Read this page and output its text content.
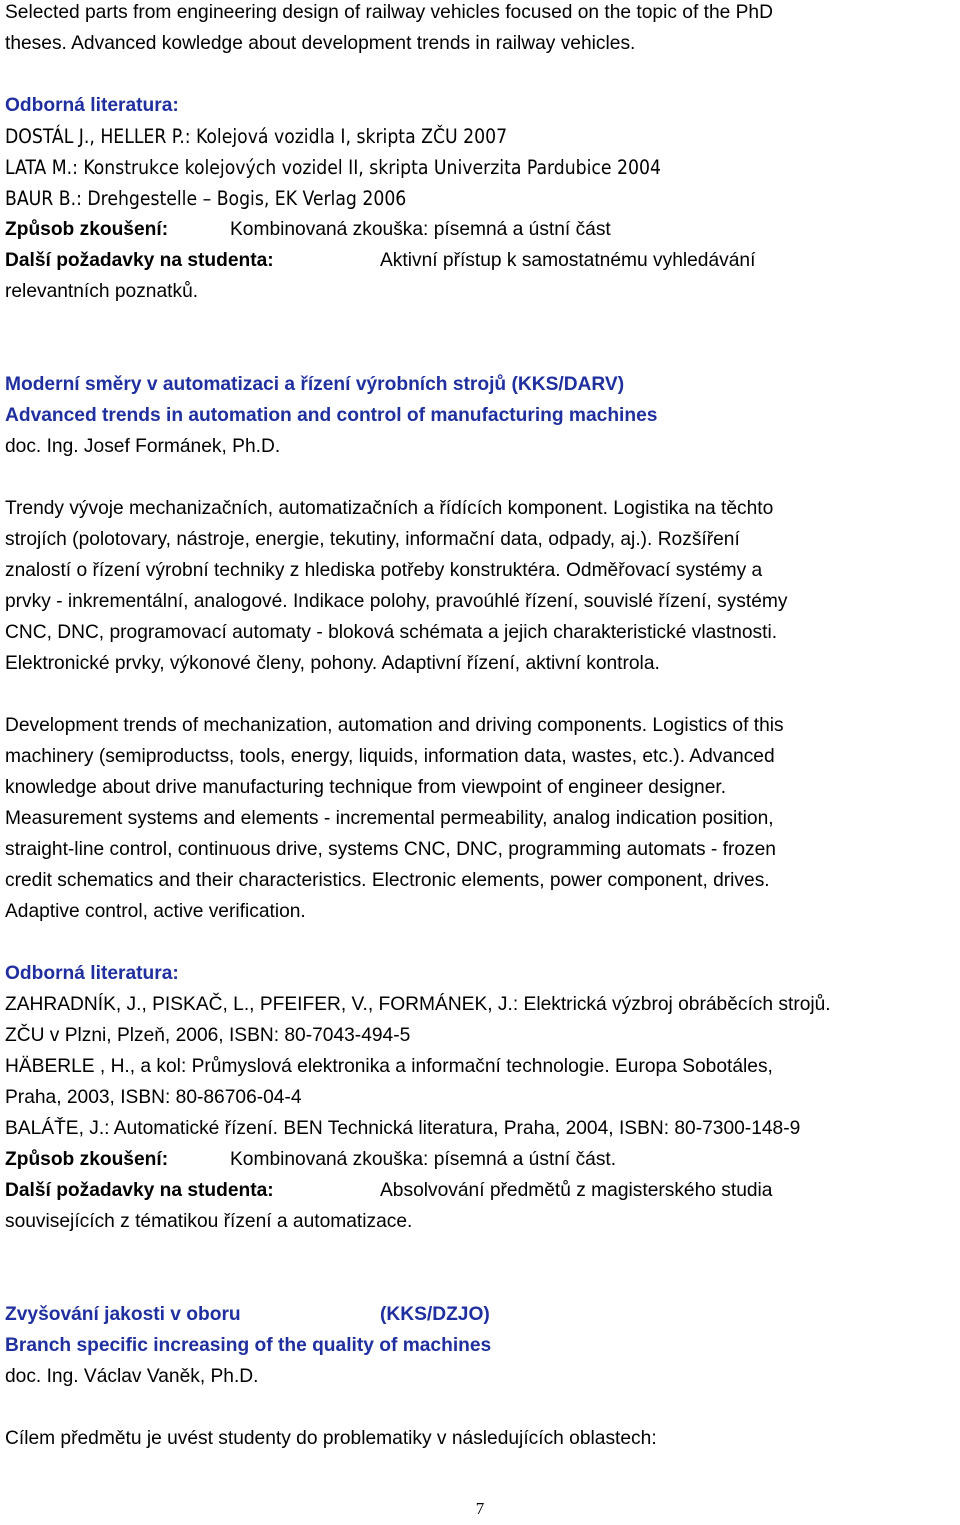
Selected parts from engineering design of railway vehicles focused on the topic of the PhD
theses. Advanced kowledge about development trends in railway vehicles.
Odborná literatura:
DOSTÁL J., HELLER P.: Kolejová vozidla I, skripta ZČU 2007
LATA M.: Konstrukce kolejových vozidel II, skripta Univerzita Pardubice 2004
BAUR B.: Drehgestelle – Bogis, EK Verlag 2006
Způsob zkoušení:	Kombinovaná zkouška: písemná a ústní část
Další požadavky na studenta:	Aktivní přístup k samostatnému vyhledávání
relevantních poznatků.
Moderní směry v automatizaci a řízení výrobních strojů (KKS/DARV)
Advanced trends in automation and control of manufacturing machines
doc. Ing. Josef Formánek, Ph.D.
Trendy vývoje mechanizačních, automatizačních a řídících komponent. Logistika na těchto
strojích (polotovary, nástroje, energie, tekutiny, informační data, odpady, aj.). Rozšíření
znalostí o řízení výrobní techniky z hlediska potřeby konstruktéra. Odměřovací systémy a
prvky - inkrementální, analogové. Indikace polohy, pravoúhlé řízení, souvislé řízení, systémy
CNC, DNC, programovací automaty - bloková schémata a jejich charakteristické vlastnosti.
Elektronické prvky, výkonové členy, pohony. Adaptivní řízení, aktivní kontrola.
Development trends of mechanization, automation and driving components. Logistics of this
machinery (semiproductss, tools, energy, liquids, information data, wastes, etc.). Advanced
knowledge about drive manufacturing technique from viewpoint of engineer designer.
Measurement systems and elements - incremental permeability, analog indication position,
straight-line control, continuous drive, systems CNC, DNC, programming automats - frozen
credit schematics and their characteristics. Electronic elements, power component, drives.
Adaptive control, active verification.
Odborná literatura:
ZAHRADNÍK, J., PISKAČ, L., PFEIFER, V., FORMÁNEK, J.: Elektrická výzbroj obráběcích strojů.
ZČU v Plzni, Plzeň, 2006, ISBN: 80-7043-494-5
HÄBERLE , H., a kol: Průmyslová elektronika a informační technologie. Europa Sobotáles,
Praha, 2003, ISBN: 80-86706-04-4
BALÁŤE, J.: Automatické řízení. BEN Technická literatura, Praha, 2004, ISBN: 80-7300-148-9
Způsob zkoušení:	Kombinovaná zkouška: písemná a ústní část.
Další požadavky na studenta:	Absolvování předmětů z magisterského studia
souvisejících z tématikou řízení a automatizace.
Zvyšování jakosti v oboru	(KKS/DZJO)
Branch specific increasing of the quality of machines
doc. Ing. Václav Vaněk, Ph.D.
Cílem předmětu je uvést studenty do problematiky v následujících oblastech:
7
